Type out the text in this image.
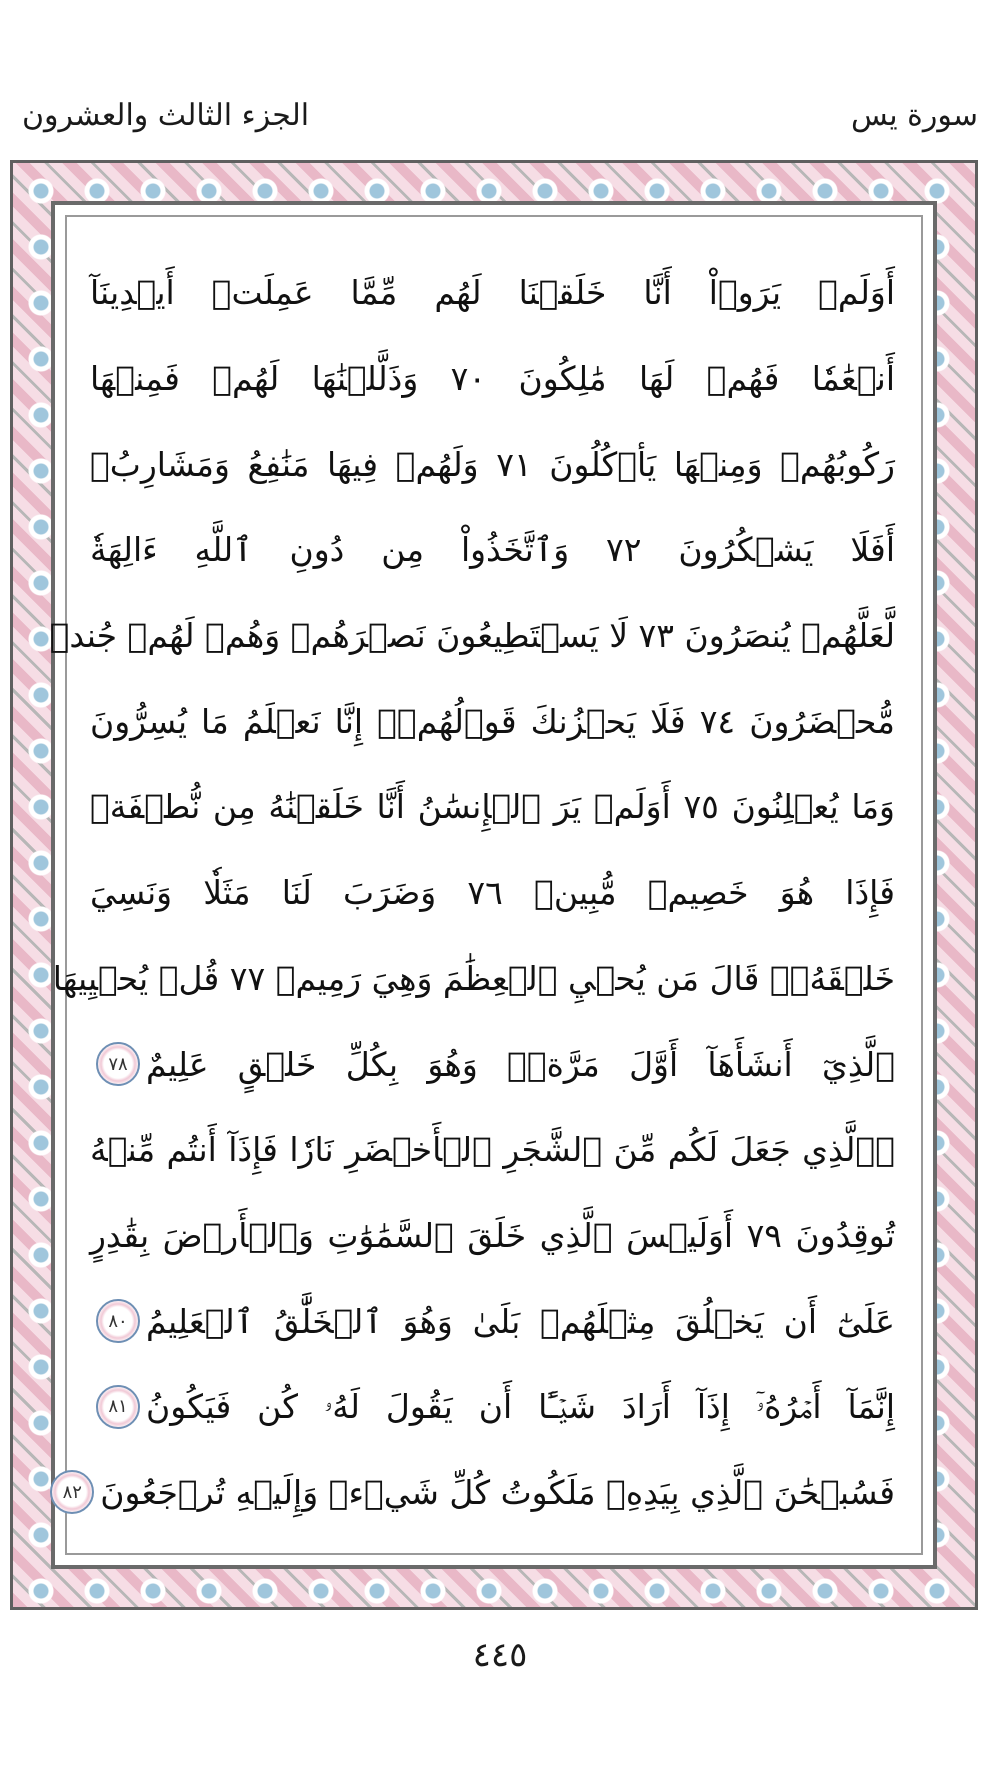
سورة يس
الجزء الثالث والعشرون
أَوَلَمۡ يَرَوۡاْ أَنَّا خَلَقۡنَا لَهُم مِّمَّا عَمِلَتۡ أَيۡدِينَآ
أَنۡعَٰمٗا فَهُمۡ لَهَا مَٰلِكُونَ ٧٠ وَذَلَّلۡنَٰهَا لَهُمۡ فَمِنۡهَا
رَكُوبُهُمۡ وَمِنۡهَا يَأۡكُلُونَ ٧١ وَلَهُمۡ فِيهَا مَنَٰفِعُ وَمَشَارِبُۚ
أَفَلَا يَشۡكُرُونَ ٧٢ وَٱتَّخَذُواْ مِن دُونِ ٱللَّهِ ءَالِهَةٗ
لَّعَلَّهُمۡ يُنصَرُونَ ٧٣ لَا يَسۡتَطِيعُونَ نَصۡرَهُمۡ وَهُمۡ لَهُمۡ جُندٞ
مُّحۡضَرُونَ ٧٤ فَلَا يَحۡزُنكَ قَوۡلُهُمۡۘ إِنَّا نَعۡلَمُ مَا يُسِرُّونَ
وَمَا يُعۡلِنُونَ ٧٥ أَوَلَمۡ يَرَ ٱلۡإِنسَٰنُ أَنَّا خَلَقۡنَٰهُ مِن نُّطۡفَةٖ
فَإِذَا هُوَ خَصِيمٞ مُّبِينٞ ٧٦ وَضَرَبَ لَنَا مَثَلٗا وَنَسِيَ
خَلۡقَهُۥۖ قَالَ مَن يُحۡيِ ٱلۡعِظَٰمَ وَهِيَ رَمِيمٞ ٧٧ قُلۡ يُحۡيِيهَا
ٱلَّذِيٓ أَنشَأَهَآ أَوَّلَ مَرَّةٖۖ وَهُوَ بِكُلِّ خَلۡقٍ عَلِيمٌ
٧٨
۞ٱلَّذِي جَعَلَ لَكُم مِّنَ ٱلشَّجَرِ ٱلۡأَخۡضَرِ نَارٗا فَإِذَآ أَنتُم مِّنۡهُ
تُوقِدُونَ ٧٩ أَوَلَيۡسَ ٱلَّذِي خَلَقَ ٱلسَّمَٰوَٰتِ وَٱلۡأَرۡضَ بِقَٰدِرٍ
عَلَىٰٓ أَن يَخۡلُقَ مِثۡلَهُمۚ بَلَىٰ وَهُوَ ٱلۡخَلَّٰقُ ٱلۡعَلِيمُ
٨٠
إِنَّمَآ أَمۡرُهُۥٓ إِذَآ أَرَادَ شَيۡـًٔا أَن يَقُولَ لَهُۥ كُن فَيَكُونُ
٨١
فَسُبۡحَٰنَ ٱلَّذِي بِيَدِهِۦ مَلَكُوتُ كُلِّ شَيۡءٖ وَإِلَيۡهِ تُرۡجَعُونَ
٨٢
٤٤٥
